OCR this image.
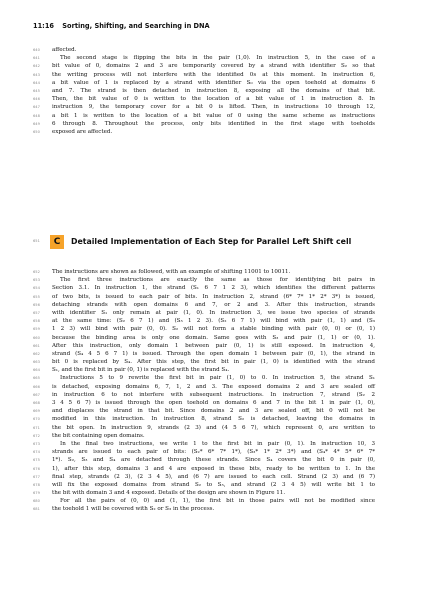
11:16 Sorting, Shifting, and Searching in DNA
640	affected.
641	The second stage is flipping the bits in the pair (1,0). In instruction 5, in the case of a
642	bit value of 0, domains 2 and 3 are temporarily covered by a strand with identifier S₂ so that
643	the writing process will not interfere with the identified 0s at this moment. In instruction 6,
644	a bit value of 1 is replaced by a strand with identifier S₀ via the open toehold at domains 6
645	and 7. The strand is then detached in instruction 8, exposing all the domains of that bit.
646	Then, the bit value of 0 is written to the location of a bit value of 1 in instruction 8. In
647	instruction 9, the temporary cover for a bit 0 is lifted. Then, in instructions 10 through 12,
648	a bit 1 is written to the location of a bit value of 0 using the same scheme as instructions
649	6 through 8. Throughout the process, only bits identified in the first stage with toeholds
650	exposed are affected.
651	C	Detailed Implementation of Each Step for Parallel Left Shift cell
652	The instructions are shown as followed, with an example of shifting 11001 to 10011.
653	The first three instructions are exactly the same as those for identifying bit pairs in
654	Section 3.1. In instruction 1, the strand (S₁ 6 7 1 2 3), which identifies the different patterns
655	of two bits, is issued to each pair of bits. In instruction 2, strand (6* 7* 1* 2* 3*) is issued,
656	detaching strands with open domains 6 and 7, or 2 and 3. After this instruction, strands
657	with identifier S₁ only remain at pair (1, 0). In instruction 3, we issue two species of strands
658	at the same time: (S₂ 6 7 1) and (S₃ 1 2 3). (S₂ 6 7 1) will bind with pair (1, 1) and (S₃
659	1 2 3) will bind with pair (0, 0). S₂ will not form a stable binding with pair (0, 0) or (0, 1)
660	because the binding area is only one domain. Same goes with S₃ and pair (1, 1) or (0, 1).
661	After this instruction, only domain 1 between pair (0, 1) is still exposed. In instruction 4,
662	strand (S₄ 4 5 6 7 1) is issued. Through the open domain 1 between pair (0, 1), the strand in
663	bit 0 is replaced by S₄. After this step, the first bit in pair (1, 0) is identified with the strand
664	S₁, and the first bit in pair (0, 1) is replaced with the strand S₄.
665	Instructions 5 to 9 rewrite the first bit in pair (1, 0) to 0. In instruction 5, the strand S₁
666	is detached, exposing domains 6, 7, 1, 2 and 3. The exposed domains 2 and 3 are sealed off
667	in instruction 6 to not interfere with subsequent instructions. In instruction 7, strand (S₂ 2
668	3 4 5 6 7) is issued through the open toehold on domains 6 and 7 in the bit 1 in pair (1, 0),
669	and displaces the strand in that bit. Since domains 2 and 3 are sealed off, bit 0 will not be
670	modified in this instruction. In instruction 8, strand S₂ is detached, leaving the domains in
671	the bit open. In instruction 9, strands (2 3) and (4 5 6 7), which represent 0, are written to
672	the bit containing open domains.
673	In the final two instructions, we write 1 to the first bit in pair (0, 1). In instruction 10, 3
674	strands are issued to each pair of bits: (S₂* 6* 7* 1*), (S₃* 1* 2* 3*) and (S₄* 4* 5* 6* 7*
675	1*). S₂, S₃ and S₄ are detached through these strands. Since S₄ covers the bit 0 in pair (0,
676	1), after this step, domains 3 and 4 are exposed in these bits, ready to be written to 1. In the
677	final step, strands (2 3), (2 3 4 5), and (6 7) are issued to each cell. Strand (2 3) and (6 7)
678	will fix the exposed domains from strand S₂ to S₃, and strand (2 3 4 5) will write bit 1 to
679	the bit with domain 3 and 4 exposed. Details of the design are shown in Figure 11.
680	For all the pairs of (0, 0) and (1, 1), the first bit in those pairs will not be modified since
681	the toehold 1 will be covered with S₂ or S₃ in the process.
